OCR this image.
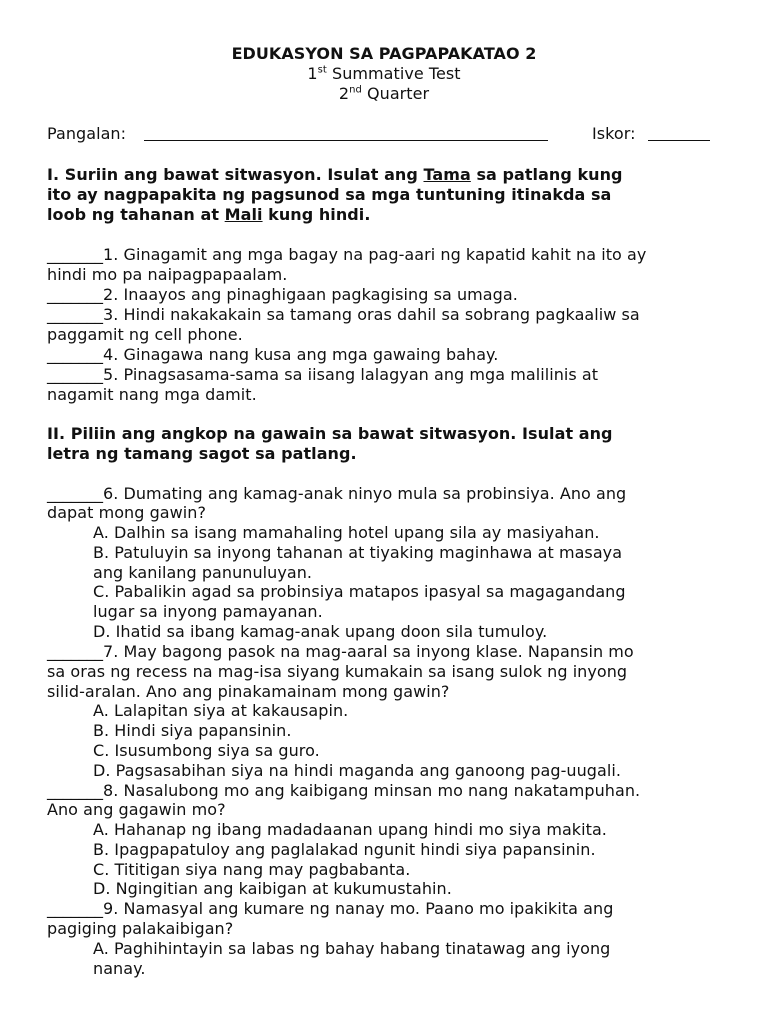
EDUKASYON SA PAGPAPAKATAO 2
1st Summative Test
2nd Quarter
Pangalan:	Iskor:
I. Suriin ang bawat sitwasyon. Isulat ang Tama sa patlang kung
ito ay nagpapakita ng pagsunod sa mga tuntuning itinakda sa
loob ng tahanan at Mali kung hindi.
_______1. Ginagamit ang mga bagay na pag-aari ng kapatid kahit na ito ay
hindi mo pa naipagpapaalam.
_______2. Inaayos ang pinaghigaan pagkagising sa umaga.
_______3. Hindi nakakakain sa tamang oras dahil sa sobrang pagkaaliw sa
paggamit ng cell phone.
_______4. Ginagawa nang kusa ang mga gawaing bahay.
_______5. Pinagsasama-sama sa iisang lalagyan ang mga malilinis at
nagamit nang mga damit.
II. Piliin ang angkop na gawain sa bawat sitwasyon. Isulat ang
letra ng tamang sagot sa patlang.
_______6. Dumating ang kamag-anak ninyo mula sa probinsiya. Ano ang
dapat mong gawin?
A. Dalhin sa isang mamahaling hotel upang sila ay masiyahan.
B. Patuluyin sa inyong tahanan at tiyaking maginhawa at masaya
ang kanilang panunuluyan.
C. Pabalikin agad sa probinsiya matapos ipasyal sa magagandang
lugar sa inyong pamayanan.
D. Ihatid sa ibang kamag-anak upang doon sila tumuloy.
_______7. May bagong pasok na mag-aaral sa inyong klase. Napansin mo
sa oras ng recess na mag-isa siyang kumakain sa isang sulok ng inyong
silid-aralan. Ano ang pinakamainam mong gawin?
A. Lalapitan siya at kakausapin.
B. Hindi siya papansinin.
C. Isusumbong siya sa guro.
D. Pagsasabihan siya na hindi maganda ang ganoong pag-uugali.
_______8. Nasalubong mo ang kaibigang minsan mo nang nakatampuhan.
Ano ang gagawin mo?
A. Hahanap ng ibang madadaanan upang hindi mo siya makita.
B. Ipagpapatuloy ang paglalakad ngunit hindi siya papansinin.
C. Tititigan siya nang may pagbabanta.
D. Ngingitian ang kaibigan at kukumustahin.
_______9. Namasyal ang kumare ng nanay mo. Paano mo ipakikita ang
pagiging palakaibigan?
A. Paghihintayin sa labas ng bahay habang tinatawag ang iyong
nanay.
